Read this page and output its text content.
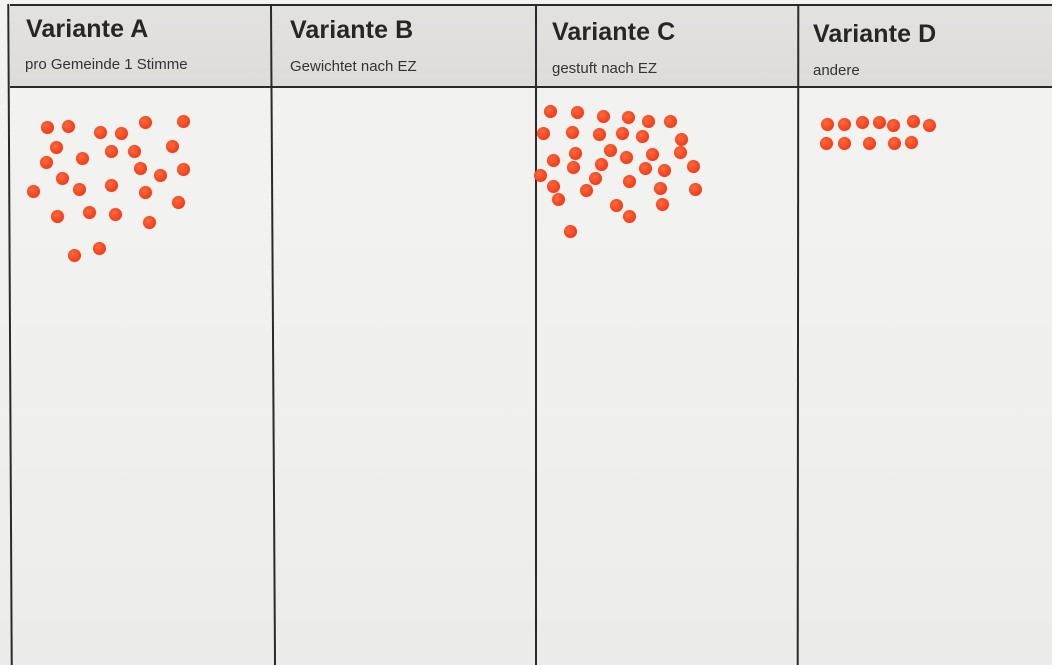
Variante A
pro Gemeinde 1 Stimme
Variante B
Gewichtet nach EZ
Variante C
gestuft nach EZ
Variante D
andere
